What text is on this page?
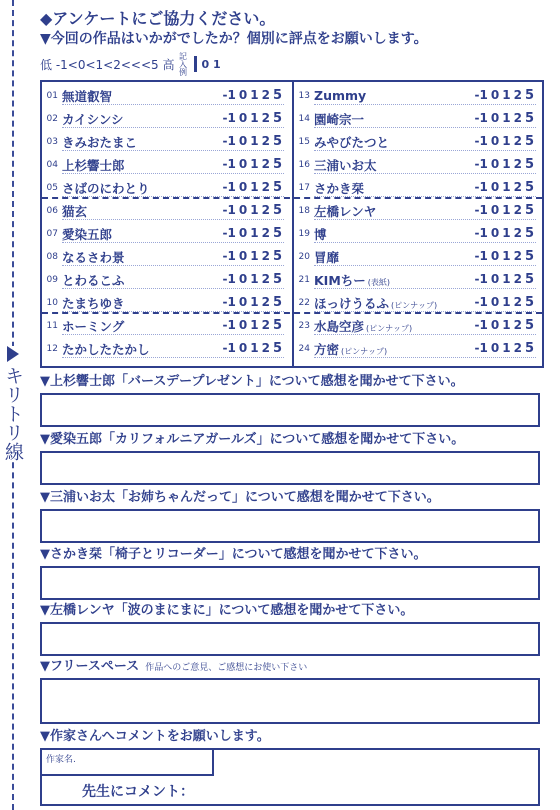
キリトリ線
◆アンケートにご協力ください。
▼今回の作品はいかがでしたか？個別に評点をお願いします。
低 -1<0<1<2<<<5 高 記入例 0 1
01 無道叡智	-1 0 1 2 5
02 カイシンシ	-1 0 1 2 5
03 きみおたまこ	-1 0 1 2 5
04 上杉響士郎	-1 0 1 2 5
05 さばのにわとり	-1 0 1 2 5
06 猫玄	-1 0 1 2 5
07 愛染五郎	-1 0 1 2 5
08 なるさわ景	-1 0 1 2 5
09 とわるこふ	-1 0 1 2 5
10 たまちゆき	-1 0 1 2 5
11 ホーミング	-1 0 1 2 5
12 たかしたたかし	-1 0 1 2 5
13 Zummy	-1 0 1 2 5
14 園崎宗一	-1 0 1 2 5
15 みやびたつと	-1 0 1 2 5
16 三浦いお太	-1 0 1 2 5
17 さかき栞	-1 0 1 2 5
18 左橋レンヤ	-1 0 1 2 5
19 博	-1 0 1 2 5
20 冒靡	-1 0 1 2 5
21 KIMちー (表紙)	-1 0 1 2 5
22 ほっけうるふ (ピンナップ)	-1 0 1 2 5
23 水島空彦 (ピンナップ)	-1 0 1 2 5
24 方密 (ピンナップ)	-1 0 1 2 5
▼上杉響士郎「バースデープレゼント」について感想を聞かせて下さい。
▼愛染五郎「カリフォルニアガールズ」について感想を聞かせて下さい。
▼三浦いお太「お姉ちゃんだって」について感想を聞かせて下さい。
▼さかき栞「椅子とリコーダー」について感想を聞かせて下さい。
▼左橋レンヤ「波のまにまに」について感想を聞かせて下さい。
▼フリースペース 作品へのご意見、ご感想にお使い下さい
▼作家さんへコメントをお願いします。
作家名.
先生にコメント：
